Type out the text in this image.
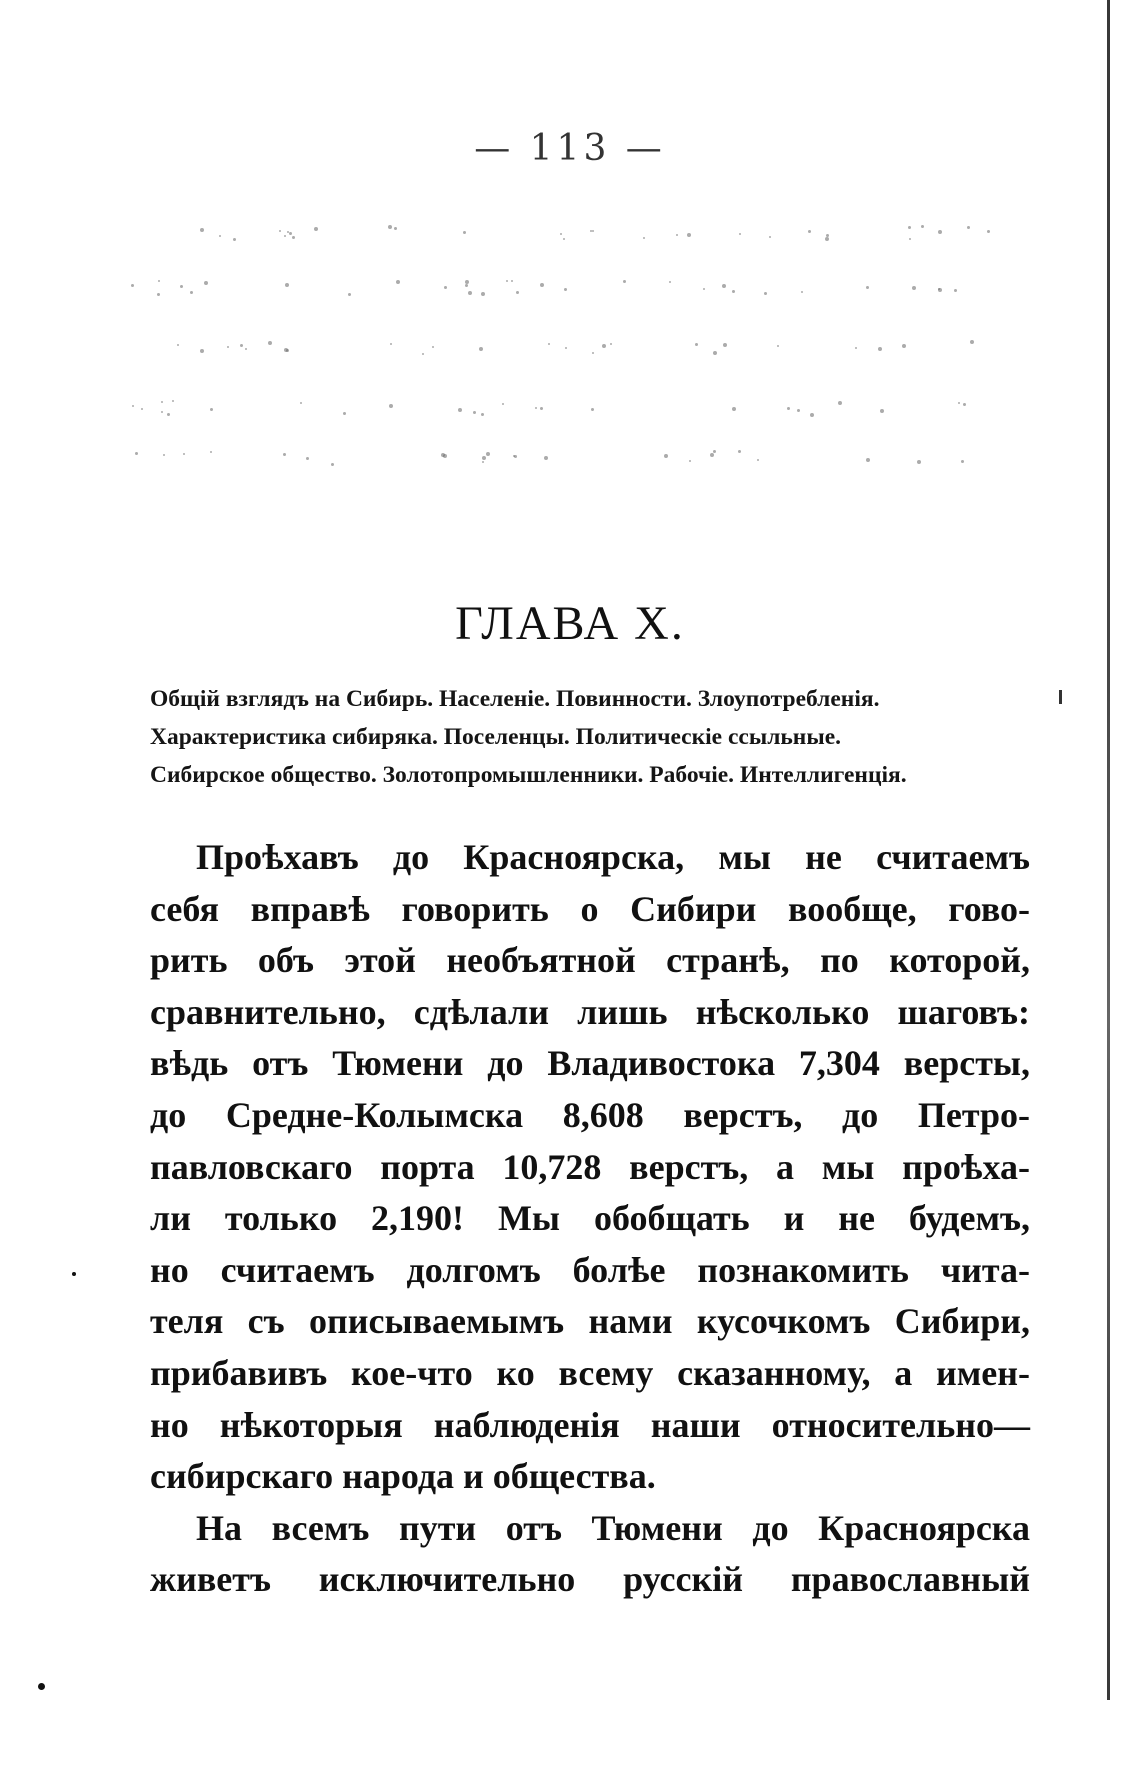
— 113 —
ГЛАВА X.
Общій взглядъ на Сибирь. Населеніе. Повинности. Злоупотребленія.
Характеристика сибиряка. Поселенцы. Политическіе ссыльные.
Сибирское общество. Золотопромышленники. Рабочіе. Интеллигенція.
Проѣхавъ до Красноярска, мы не считаемъ
себя вправѣ говорить о Сибири вообще, гово-
рить объ этой необъятной странѣ, по которой,
сравнительно, сдѣлали лишь нѣсколько шаговъ:
вѣдь отъ Тюмени до Владивостока 7,304 версты,
до Средне-Колымска 8,608 верстъ, до Петро-
павловскаго порта 10,728 верстъ, а мы проѣха-
ли только 2,190! Мы обобщать и не будемъ,
но считаемъ долгомъ болѣе познакомить чита-
теля съ описываемымъ нами кусочкомъ Сибири,
прибавивъ кое-что ко всему сказанному, а имен-
но нѣкоторыя наблюденія наши относительно—
сибирскаго народа и общества.
На всемъ пути отъ Тюмени до Красноярска
живетъ исключительно русскій православный
